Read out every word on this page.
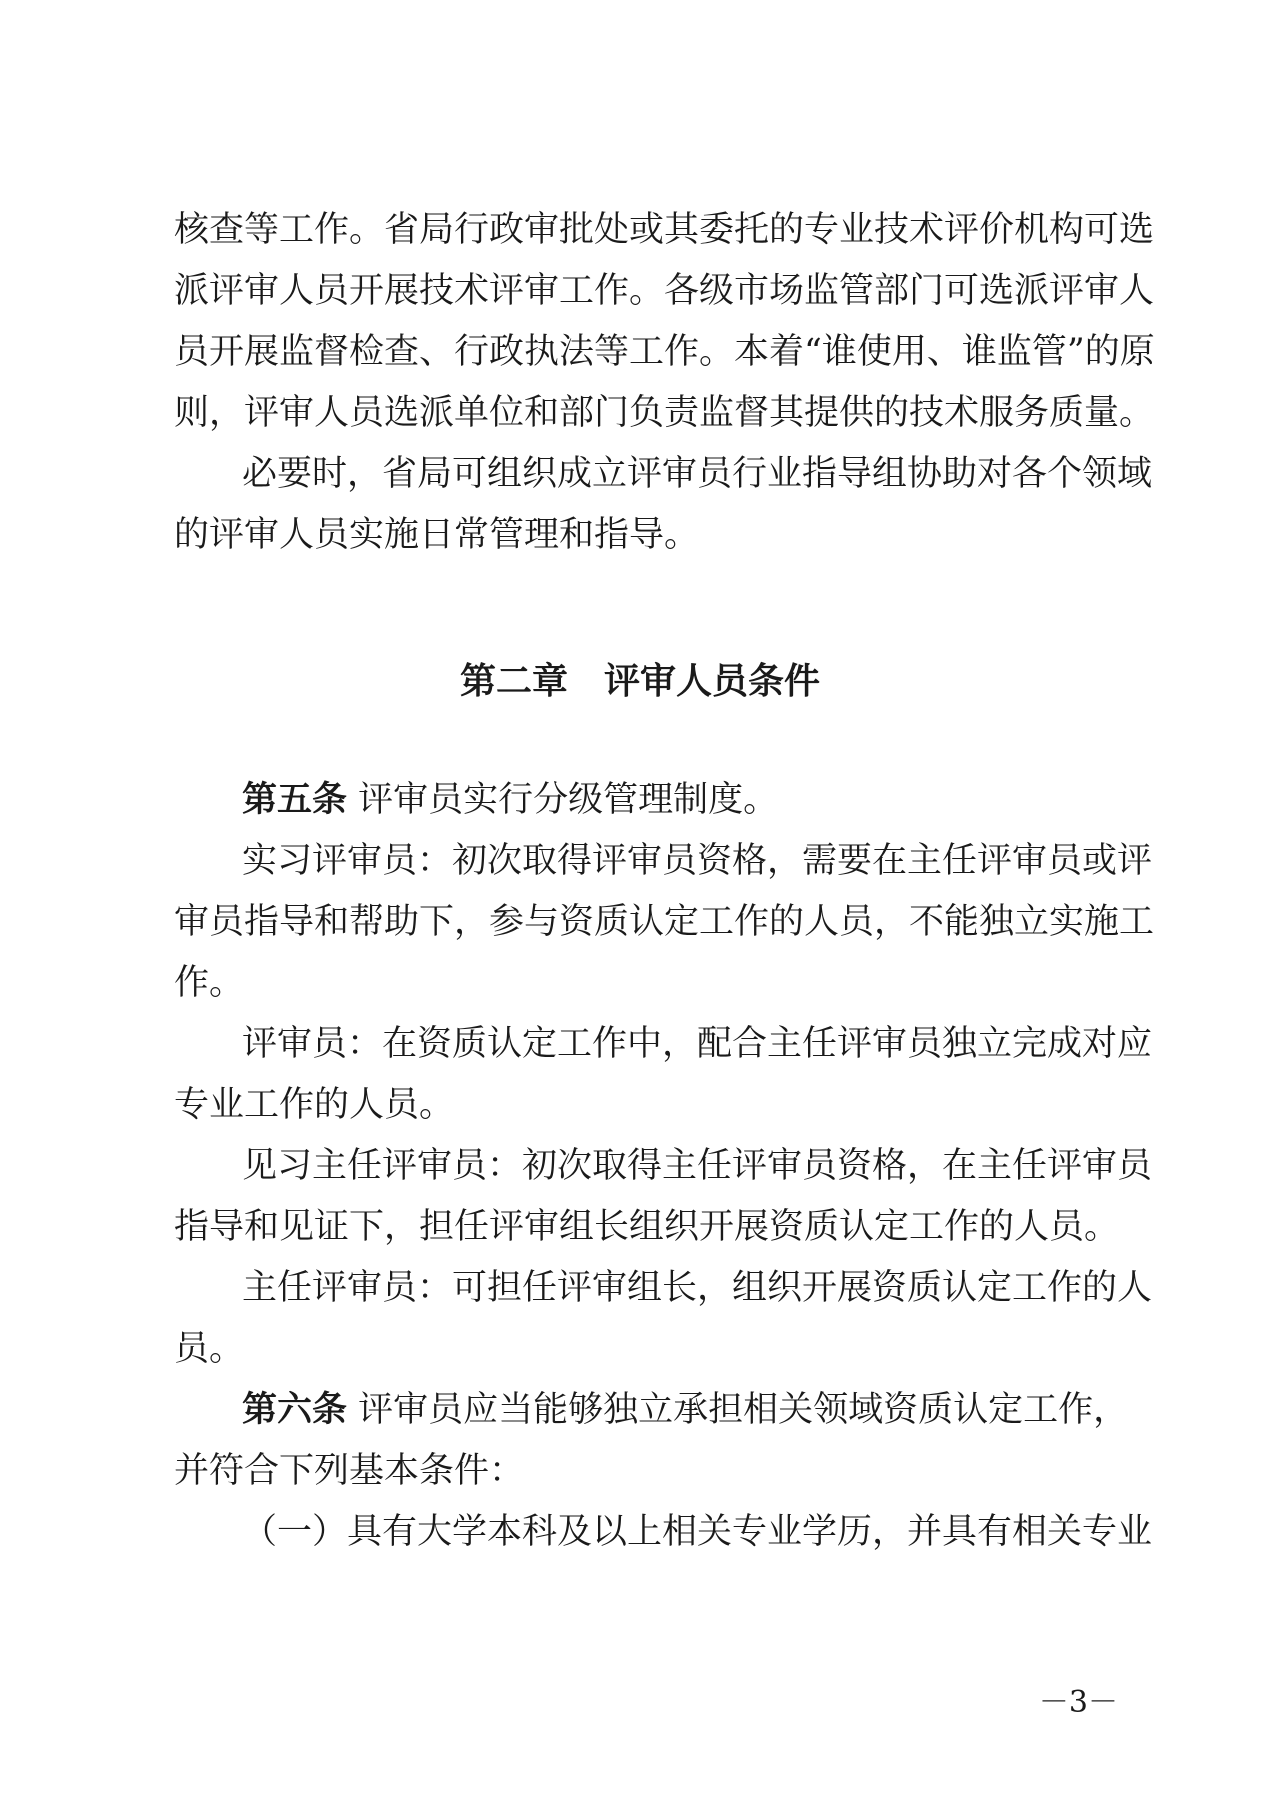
核查等工作。省局行政审批处或其委托的专业技术评价机构可选
派评审人员开展技术评审工作。各级市场监管部门可选派评审人
员开展监督检查、行政执法等工作。本着“谁使用、谁监管”的原
则，评审人员选派单位和部门负责监督其提供的技术服务质量。
必要时，省局可组织成立评审员行业指导组协助对各个领域
的评审人员实施日常管理和指导。
第二章　评审人员条件
第五条 评审员实行分级管理制度。
实习评审员：初次取得评审员资格，需要在主任评审员或评
审员指导和帮助下，参与资质认定工作的人员，不能独立实施工
作。
评审员：在资质认定工作中，配合主任评审员独立完成对应
专业工作的人员。
见习主任评审员：初次取得主任评审员资格，在主任评审员
指导和见证下，担任评审组长组织开展资质认定工作的人员。
主任评审员：可担任评审组长，组织开展资质认定工作的人
员。
第六条 评审员应当能够独立承担相关领域资质认定工作，
并符合下列基本条件：
（一）具有大学本科及以上相关专业学历，并具有相关专业
－3－
